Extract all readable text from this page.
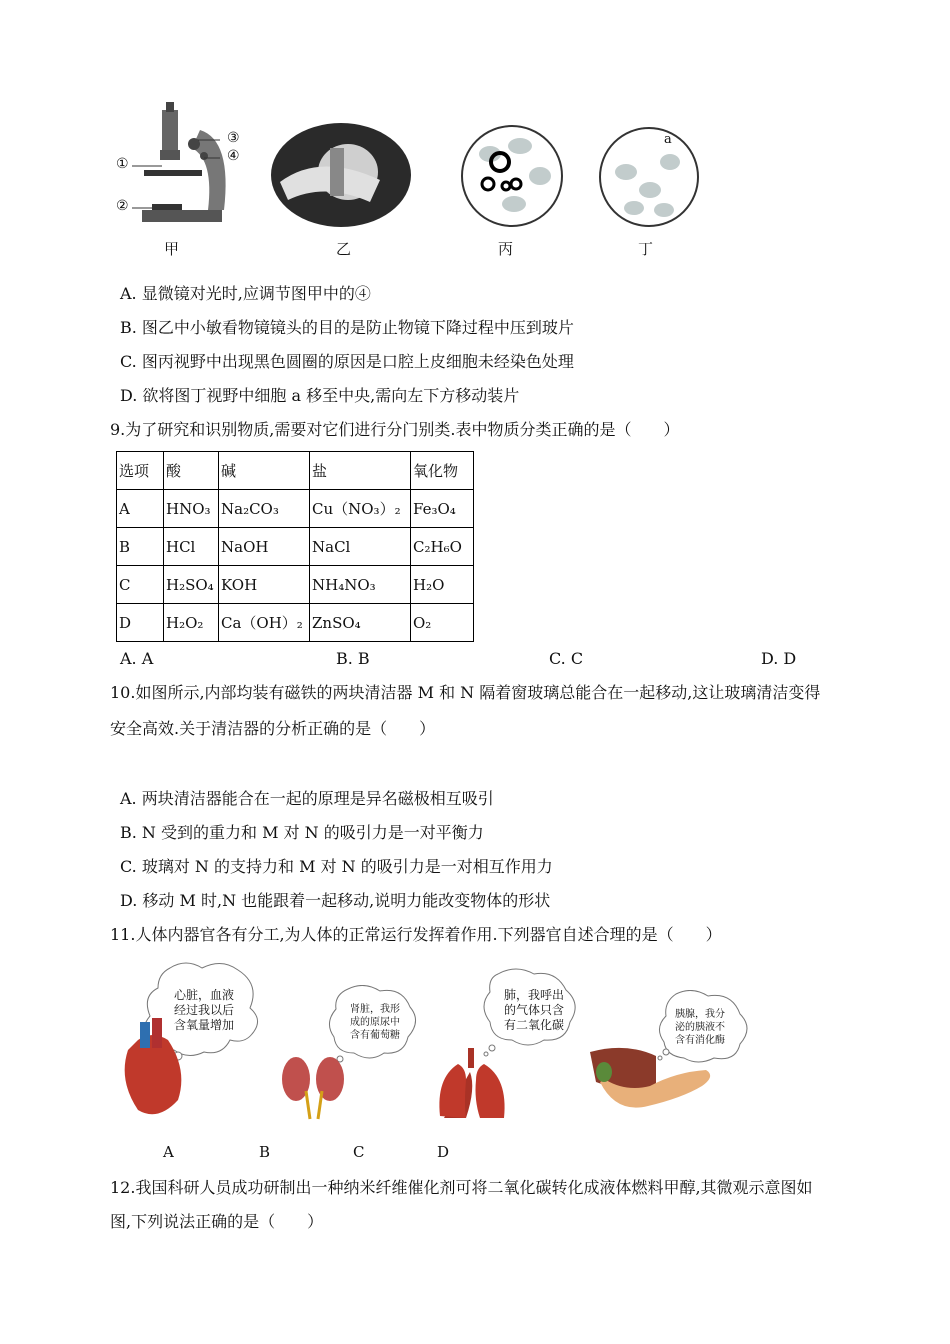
①
②
③
④
甲	乙	丙
a
丁
A. 显微镜对光时,应调节图甲中的④
B. 图乙中小敏看物镜镜头的目的是防止物镜下降过程中压到玻片
C. 图丙视野中出现黑色圆圈的原因是口腔上皮细胞未经染色处理
D. 欲将图丁视野中细胞 a 移至中央,需向左下方移动装片
9.为了研究和识别物质,需要对它们进行分门别类.表中物质分类正确的是（　　）
选项	酸	碱	盐	氧化物
A	HNO₃	Na₂CO₃	Cu（NO₃）₂	Fe₃O₄
B	HCl	NaOH	NaCl	C₂H₆O
C	H₂SO₄	KOH	NH₄NO₃	H₂O
D	H₂O₂	Ca（OH）₂	ZnSO₄	O₂
A. A	B. B	C. C	D. D
10.如图所示,内部均装有磁铁的两块清洁器 M 和 N 隔着窗玻璃总能合在一起移动,这让玻璃清洁变得
安全高效.关于清洁器的分析正确的是（　　）
A. 两块清洁器能合在一起的原理是异名磁极相互吸引
B. N 受到的重力和 M 对 N 的吸引力是一对平衡力
C. 玻璃对 N 的支持力和 M 对 N 的吸引力是一对相互作用力
D. 移动 M 时,N 也能跟着一起移动,说明力能改变物体的形状
11.人体内器官各有分工,为人体的正常运行发挥着作用.下列器官自述合理的是（　　）
心脏，血液
经过我以后
含氧量增加
肾脏，我形
成的原尿中
含有葡萄糖
肺，我呼出
的气体只含
有二氧化碳
胰腺，我分
泌的胰液不
含有消化酶
A	B	C	D
12.我国科研人员成功研制出一种纳米纤维催化剂可将二氧化碳转化成液体燃料甲醇,其微观示意图如
图,下列说法正确的是（　　）
